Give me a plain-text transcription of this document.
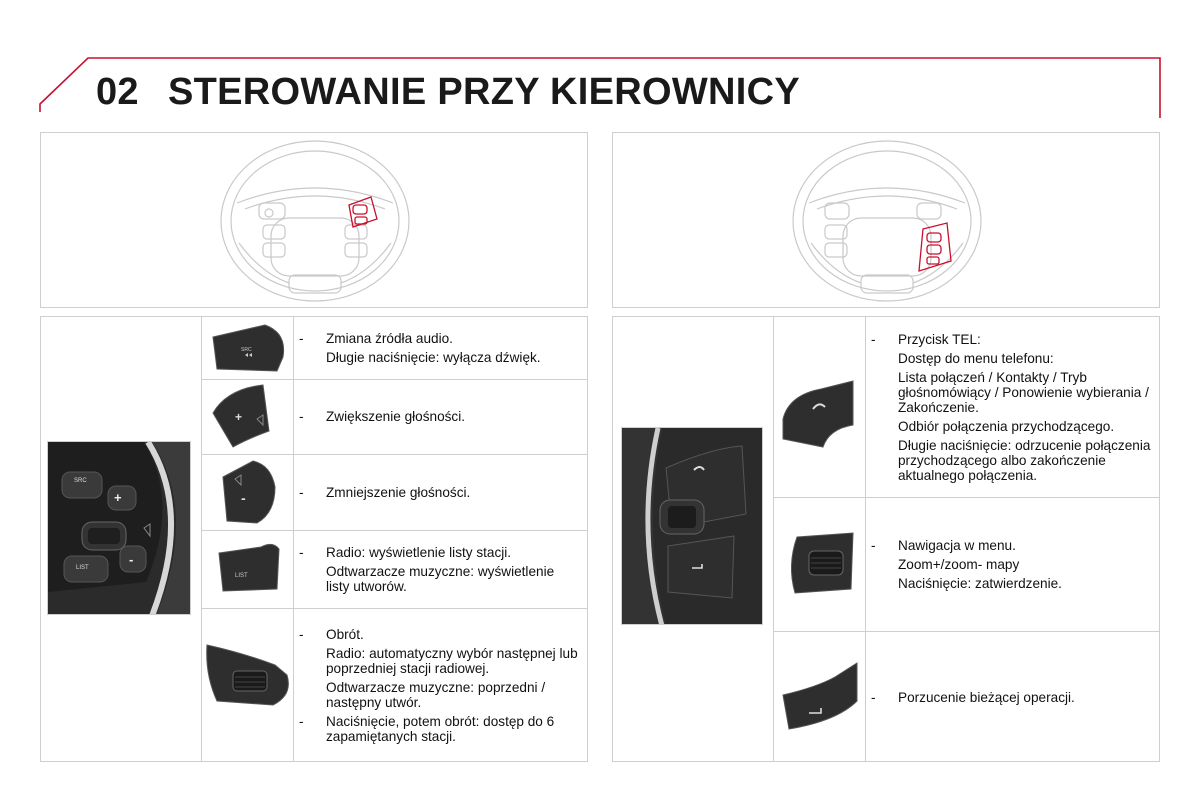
02 STEROWANIE PRZY KIEROWNICY
SRC
+
LIST
-
SRC
+
-
LIST
-	Zmiana źródła audio.
Długie naciśnięcie: wyłącza dźwięk.
-	Zwiększenie głośności.
-	Zmniejszenie głośności.
-	Radio: wyświetlenie listy stacji.
Odtwarzacze muzyczne: wyświetlenie listy utworów.
-	Obrót.
Radio: automatyczny wybór następnej lub poprzedniej stacji radiowej.
Odtwarzacze muzyczne: poprzedni / następny utwór.
-	Naciśnięcie, potem obrót: dostęp do 6 zapamiętanych stacji.
-	Przycisk TEL:
Dostęp do menu telefonu:
Lista połączeń / Kontakty / Tryb głośnomówiący / Ponowienie wybierania / Zakończenie.
Odbiór połączenia przychodzącego.
Długie naciśnięcie: odrzucenie połączenia przychodzącego albo zakończenie aktualnego połączenia.
-	Nawigacja w menu.
Zoom+/zoom- mapy
Naciśnięcie: zatwierdzenie.
-	Porzucenie bieżącej operacji.
